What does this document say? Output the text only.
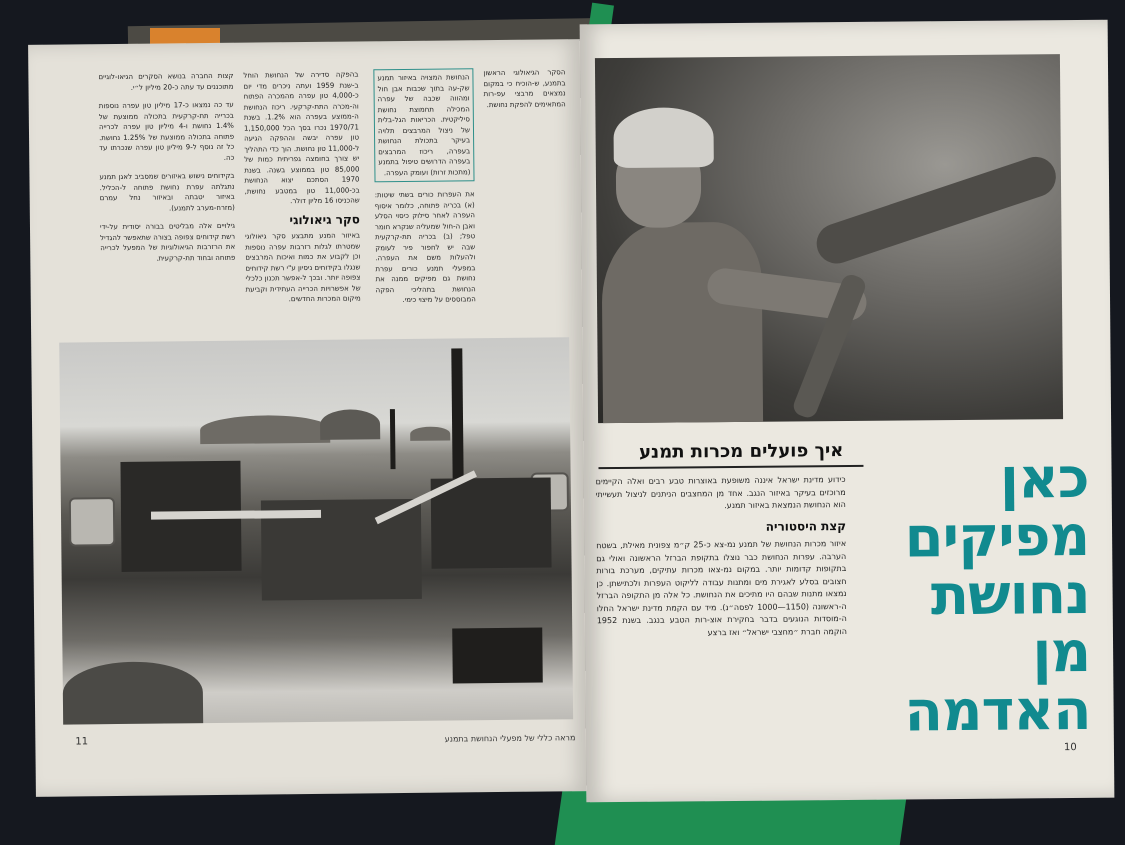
הסקר הגיאולוגי הראשון בתמנע, ש-הוכיח כי במקום נמצאים מרבצי עפ-רות המתאימים להפקת נחושת.

הנחושת המצויה באיזור תמנע שק-עה בתוך שכבות אבן חול ומהווה שכבה של עפרה המכילה תחמוצת נחושת סיליקטית. הכריאות הגל-בלית של ניצול המרבצים תלויה בעיקר בתכולת הנחושת בעפרה, ריכוז המרבצים בעפרה הדרושים טיפול בתמנע (מתכות זרות) ועומק העפרה.

את העפרות כורים בשתי שיטות: (א) בכריה פתוחה, כלומר איסוף העפרה לאחר סילוק כיסוי הסלע ואבן ה-חול שמעליה שנקרא חומר טפל; (ב) בכריה תת-קרקעית שבה יש לחפור פיר לעומק ולהעלות משם את העפרה. במפעלי תמנע כורים עפרת נחושת גם מפיקים ממנה את הנחושת בתהליכי הפקה המבוססים על מיצוי כימי.

בהפקה סדירה של הנחושת הוחל ב-שנת 1959 ועתה ניכרים מדי יום כ-4,000 טון עפרה מהמכרה הפתוח וה-מכרה התת-קרקעי. ריכוז הנחושת ה-ממוצע בעפרה הוא 1.2%. בשנת 1970/71 נכרו בסך הכל 1,150,000 טון עפרה יבשה וההפקה הגיעה ל-11,000 טון נחושת. הוך כדי התהליך יש צורך בחומצה גפריתית כמות של 85,000 טון בממוצע בשנה. בשנת 1970 הסתכם יצוא הנחושת בכ-11,000 טון במטבע נחושת, שהכניסו 16 מליון דולר.

סקר גיאולוגי

באיזור המנע מתבצע סקר גיאולוגי שמטרתו לגלות רזרבות עפרה נוספות וכן לקבוע את כמות ואיכות המרבצים שנגלו בקידוחים ניסיון ע"י רשת קידוחים צפופה יותר. ובכך ל-אפשר תכנון כלכלי של אפשרויות הכרייה העתידית וקביעת מיקום המכרות החדשים.

קצות החברה בנושא הסקרים הגיאו-לוגיים מתוכננים עד עתה כ-20 מיליון ל״י.

עד כה נמצאו כ-17 מיליון טון עפרה נוספות בכרייה תת-קרקעית בתכולה ממוצעת של 1.4% נחושת ו-4 מיליון טון עפרה לכרייה פתוחה בתכולה ממוצעת של 1.25% נחושת. כל זה נוסף ל-9 מיליון טון עפרה שנכרתו עד כה.

בקידוחים נישוש באיזורים שמסביב לאגן תמנע נתגלתה עפרת נחושת פתוחה ל-הכליל. באיזור יטבתה ובאיזור נחל עמרם (מזרח-מערב לתמנע).

גילויים אלה מבליטים בבורה יסודית על-ידי רשת קידוחים צפופה בצורה שתאפשר להגדיל את הרזרבות הגיאולוגיות של המפעל לכרייה פתוחה ובחוד תת-קרקעית.

מראה כללי של מפעלי הנחושת בתמנע
11
איך פועלים מכרות תמנע

כידוע מדינת ישראל איננה משופעת באוצרות טבע רבים ואלה הקיימים מרוכזים בעיקר באיזור הנגב. אחד מן המחצבים הניתנים לניצול תעשייתי הוא הנחושת הנמצאת באיזור תמנע.

קצת היסטוריה

איזור מכרות הנחושת של תמנע נמ-צא כ-25 ק״מ צפונית מאילת, בשטח הערבה. עפרות הנחושת כבר נוצלו בתקופת הברזל הראשונה ואולי גם בתקופות קדומות יותר. במקום נמ-צאו מכרות עתיקים, מערכת בורות חצובים בסלע לאגירת מים ומתנות עבודה לליקוט העפרות ולכתישתן. כן נמצאו מתנות שבהם היו מתיכים את הנחושת. כל אלה מן התקופה הברזל ה-ראשונה (1150—1000 לפסה״נ). מיד עם הקמת מדינת ישראל החלו ה-מוסדות הנוגעים בדבר בחקירת אוצ-רות הטבע בנגב. בשנת 1952 הוקמה חברת ״מחצבי ישראל״ ואז ברצע

כאן
מפיקים
נחושת
מן
האדמה
10
